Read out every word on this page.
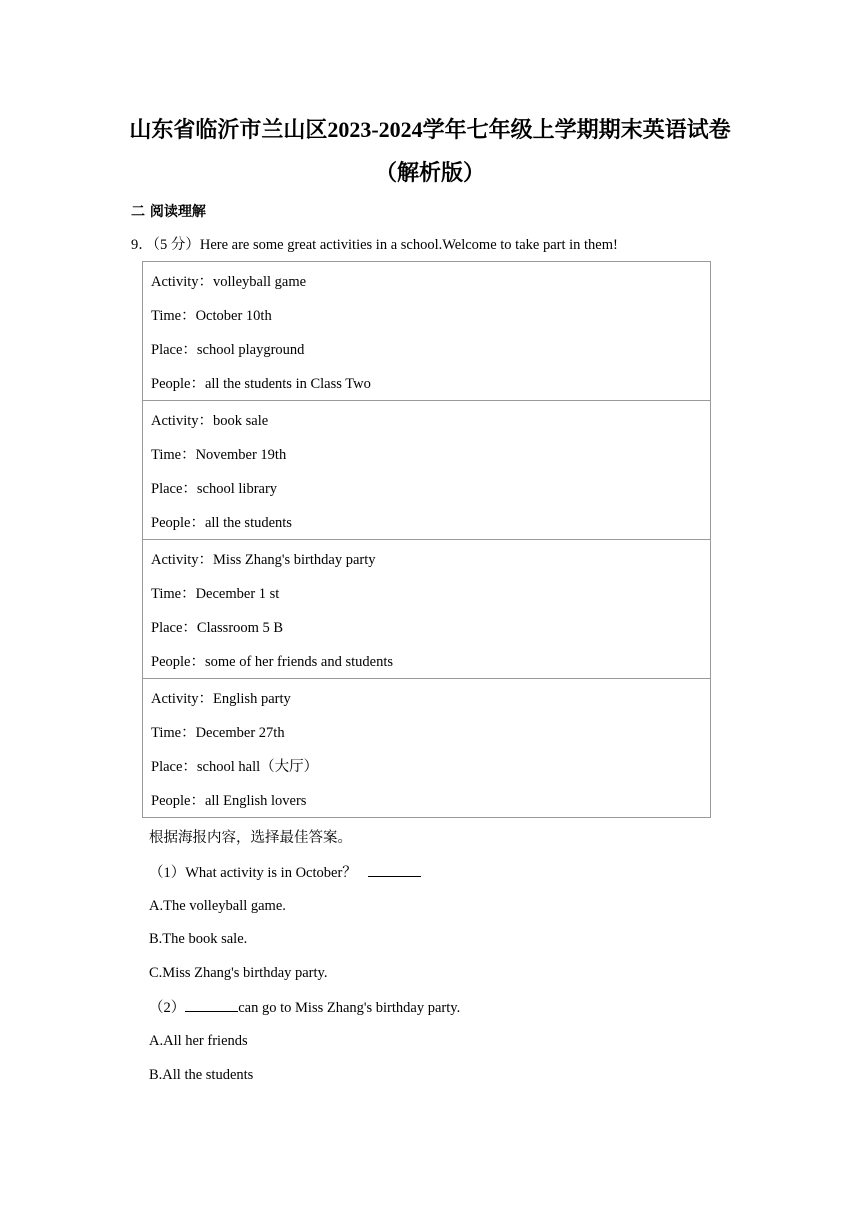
山东省临沂市兰山区2023-2024学年七年级上学期期末英语试卷
（解析版）
二 阅读理解
9．（5 分）Here are some great activities in a school.Welcome to take part in them!
Activity：volleyball game
Time：October 10th
Place：school playground
People：all the students in Class Two

Activity：book sale
Time：November 19th
Place：school library
People：all the students

Activity：Miss Zhang's birthday party
Time：December 1 st
Place：Classroom 5 B
People：some of her friends and students

Activity：English party
Time：December 27th
Place：school hall（大厅）
People：all English lovers
根据海报内容，选择最佳答案。
（1）What activity is in October？
A.The volleyball game.
B.The book sale.
C.Miss Zhang's birthday party.
（2）	can go to Miss Zhang's birthday party.
A.All her friends
B.All the students
